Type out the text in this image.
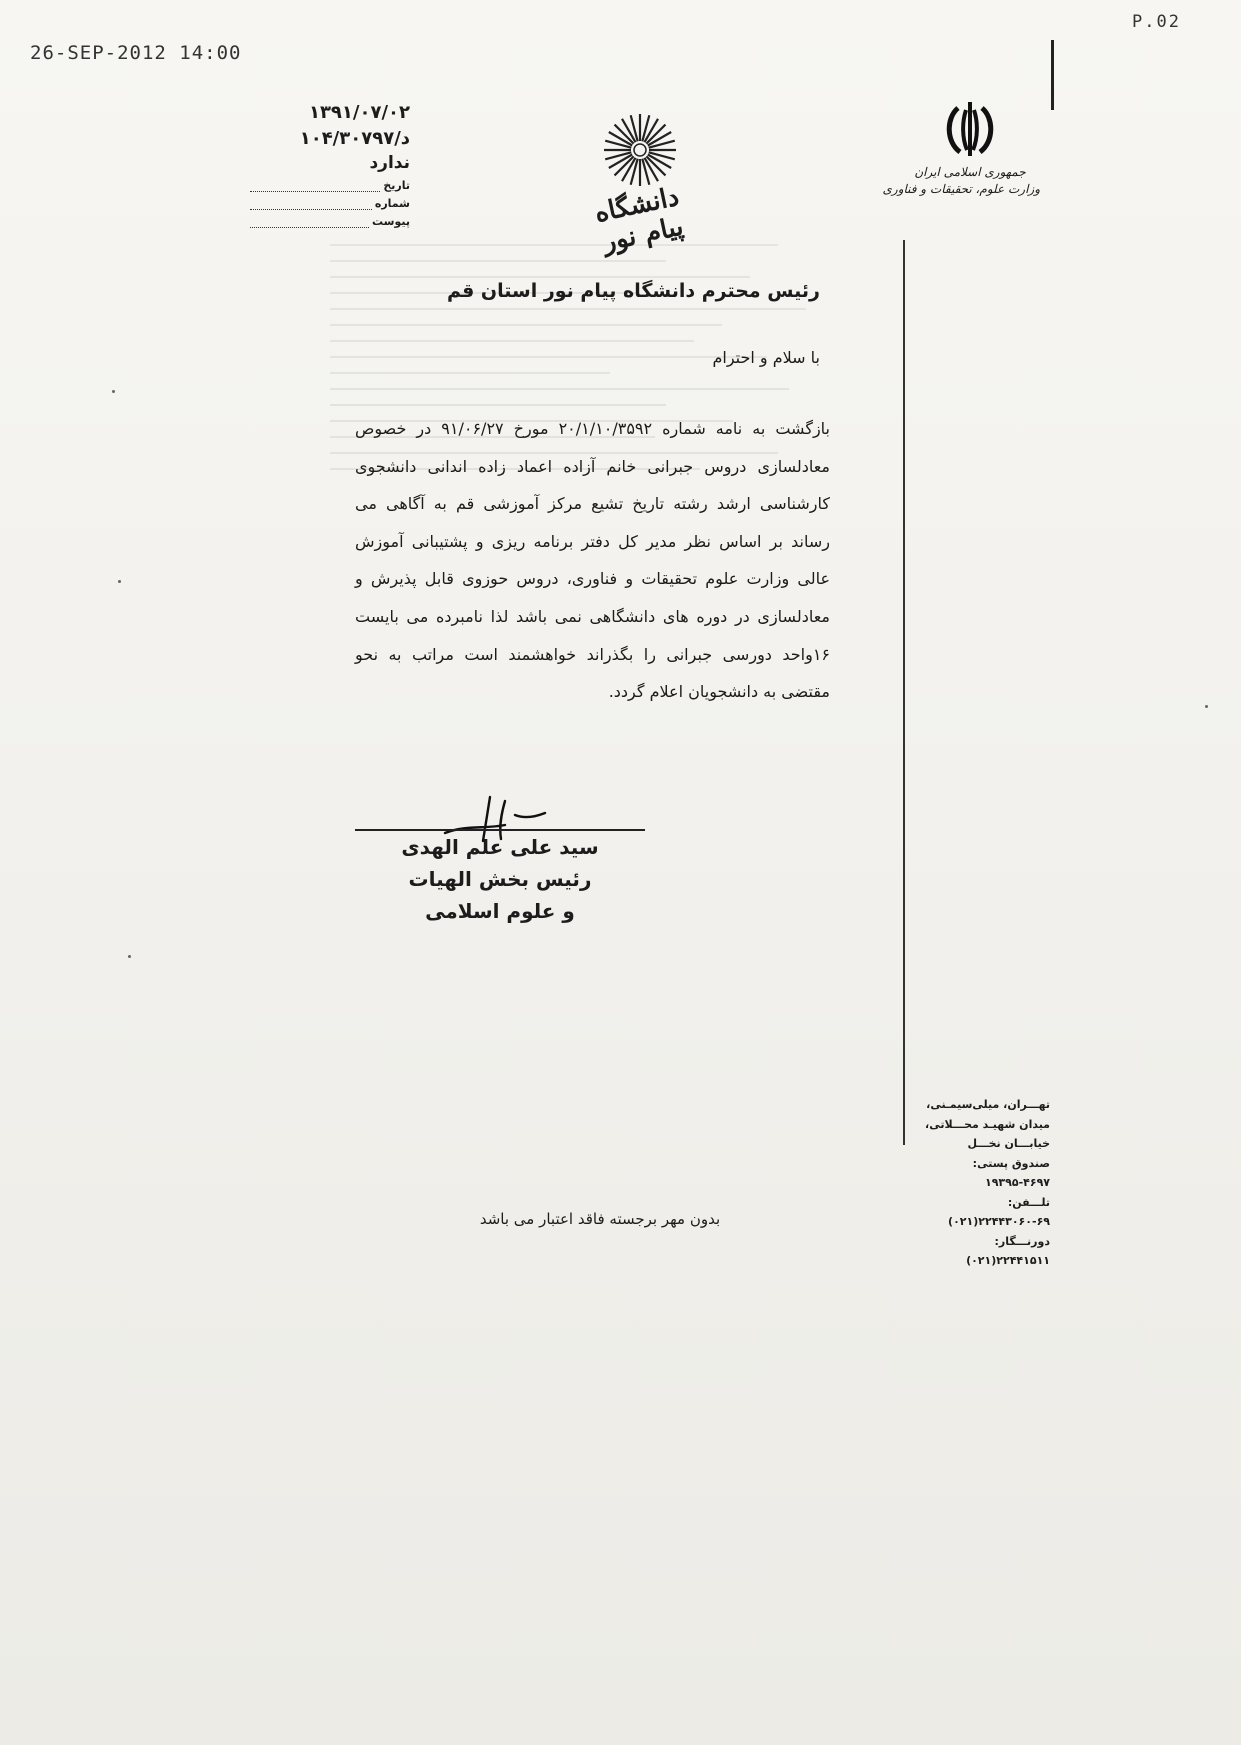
26-SEP-2012 14:00
P.02
۱۳۹۱/۰۷/۰۲
د/۱۰۴/۳۰۷۹۷
ندارد
تاریخ
شماره
پیوست	دانشگاه پیام نور
جمهوری اسلامی ایران
وزارت علوم، تحقیقات و فناوری
رئیس محترم دانشگاه پیام نور استان قم
با سلام و احترام
بازگشت به نامه شماره ۲۰/۱/۱۰/۳۵۹۲ مورخ ۹۱/۰۶/۲۷ در خصوص معادلسازی دروس جبرانی خانم آزاده اعماد زاده اندانی دانشجوی کارشناسی ارشد رشته تاریخ تشیع مرکز آموزشی قم به آگاهی می رساند بر اساس نظر مدیر کل دفتر برنامه ریزی و پشتیبانی آموزش عالی وزارت علوم تحقیقات و فناوری، دروس حوزوی قابل پذیرش و معادلسازی در دوره های دانشگاهی نمی باشد لذا نامبرده می بایست ۱۶واحد دورسی جبرانی را بگذراند خواهشمند است مراتب به نحو مقتضی به دانشجویان اعلام گردد.
سید علی علم الهدی
رئیس بخش الهیات
و علوم اسلامی
تهـــران، میلی‌سیمـنی،
میدان شهیـد محـــلاتی،
خیابـــان نخـــل
صندوق پستی: ۴۶۹۷-۱۹۳۹۵
تلـــفن: ۶۹-۲۲۴۴۳۰۶۰(۰۲۱)
دورنـــگار: ۲۲۴۴۱۵۱۱(۰۲۱)
بدون مهر برجسته فاقد اعتبار می باشد
